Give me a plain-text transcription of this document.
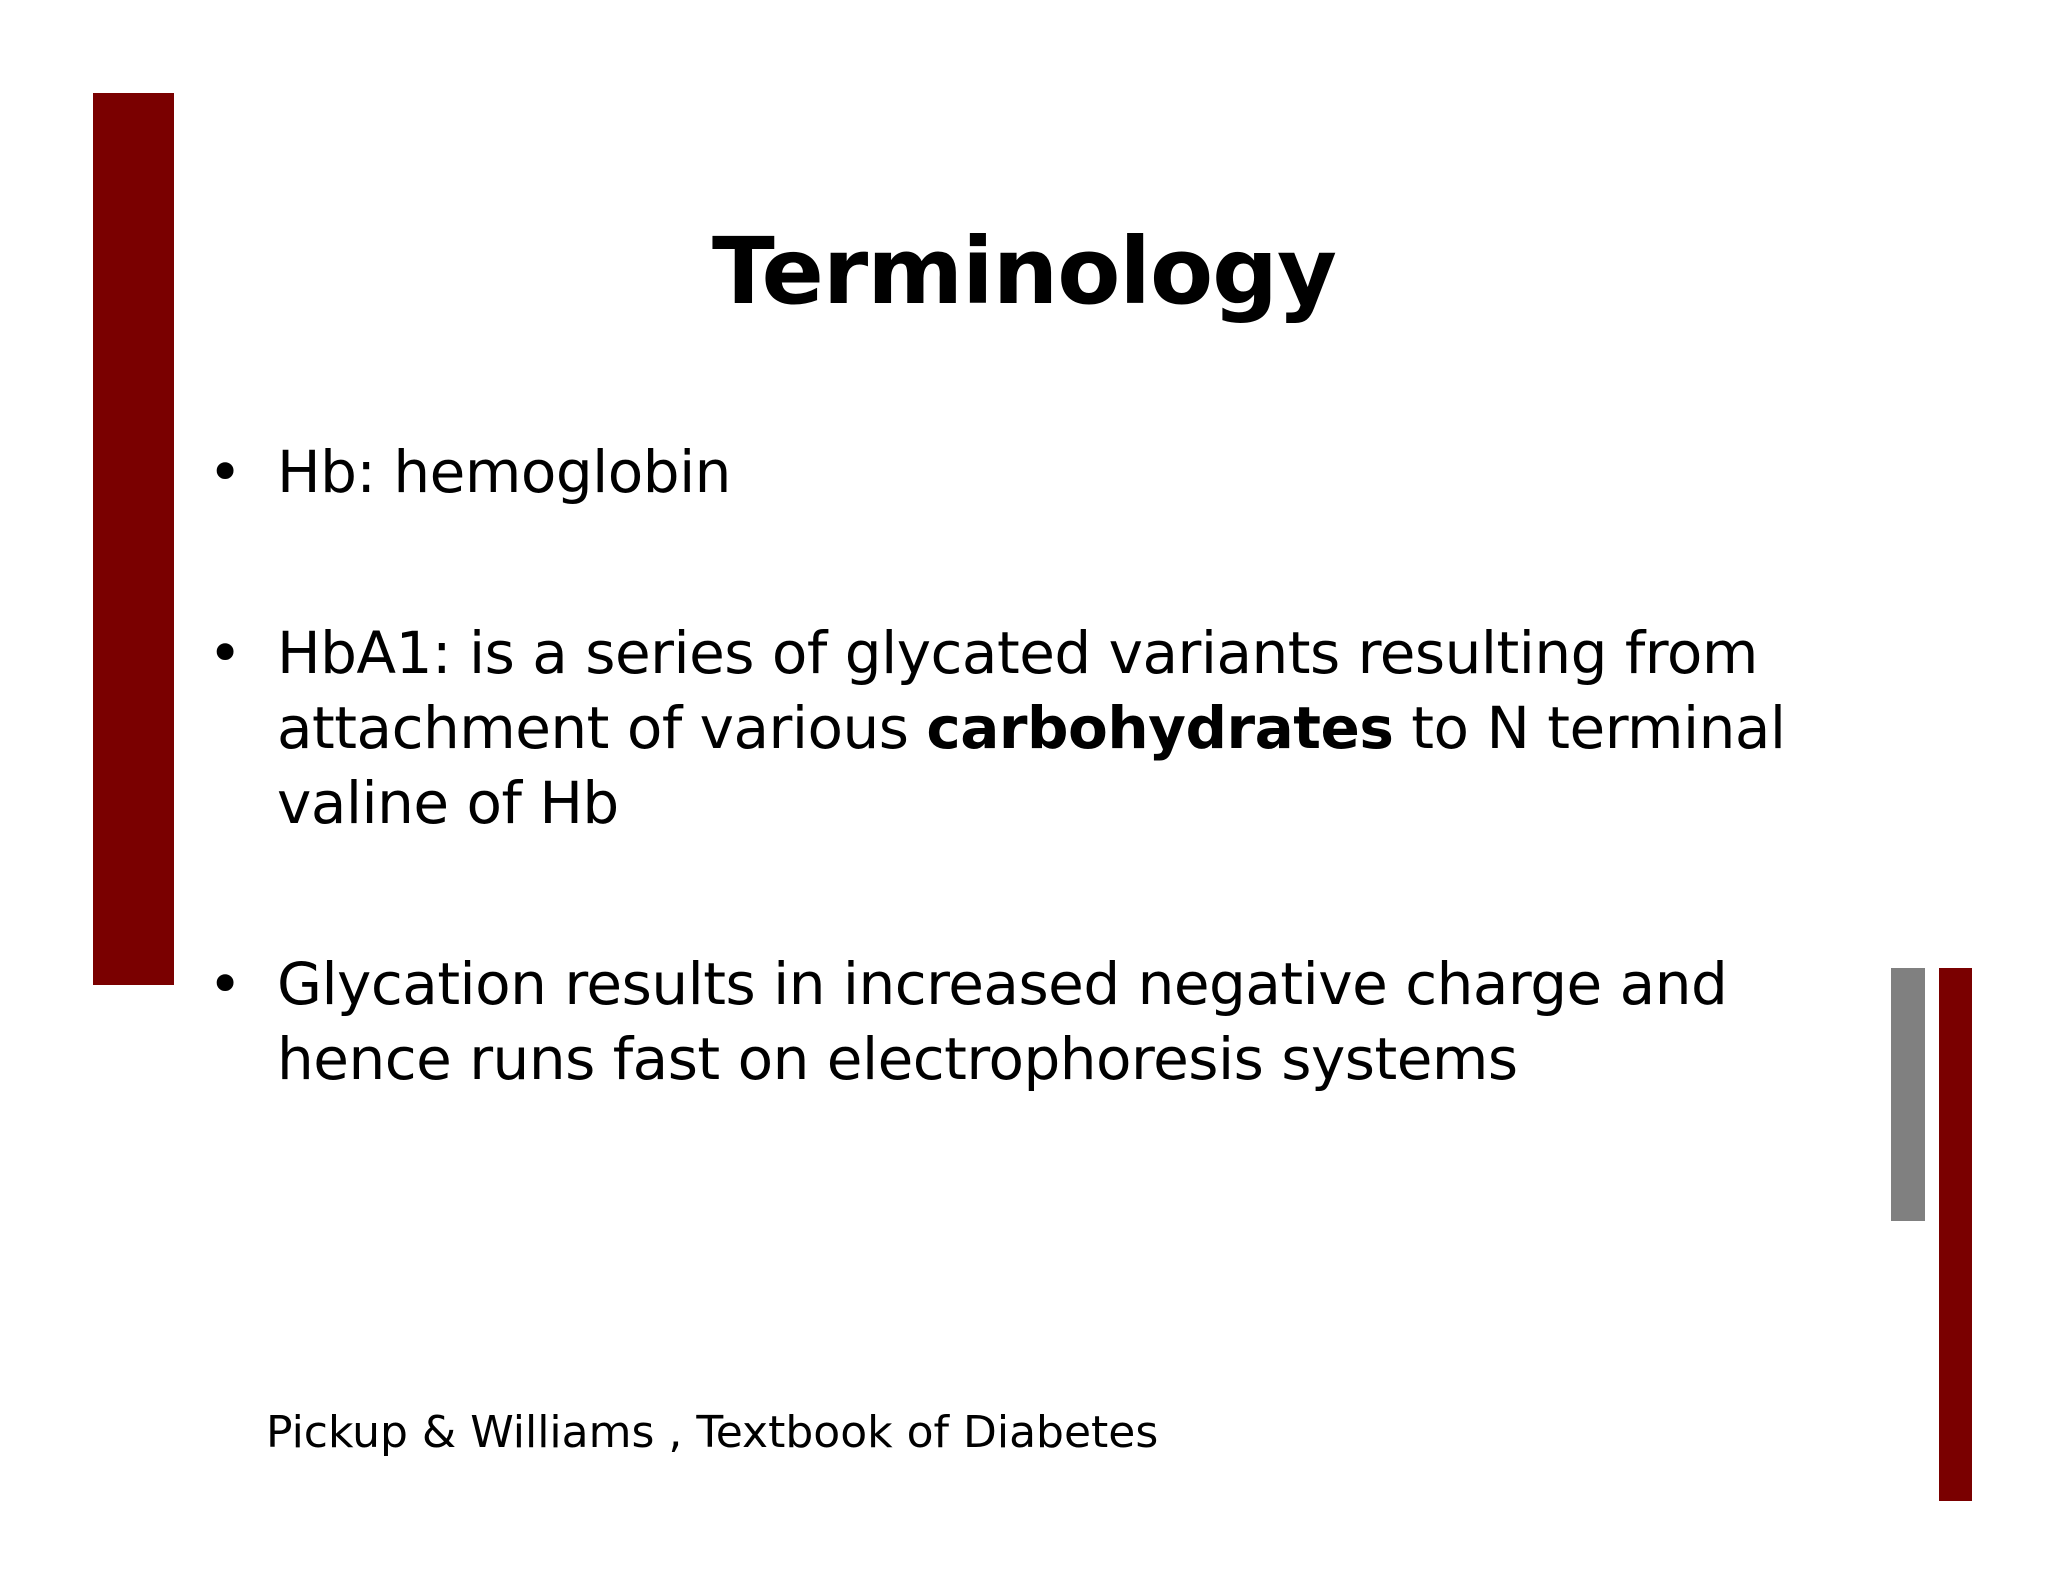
Terminology
• Hb: hemoglobin
• HbA1: is a series of glycated variants resulting from attachment of various carbohydrates to N terminal valine of Hb
• Glycation results in increased negative charge and hence runs fast on electrophoresis systems

Pickup & Williams , Textbook of Diabetes
